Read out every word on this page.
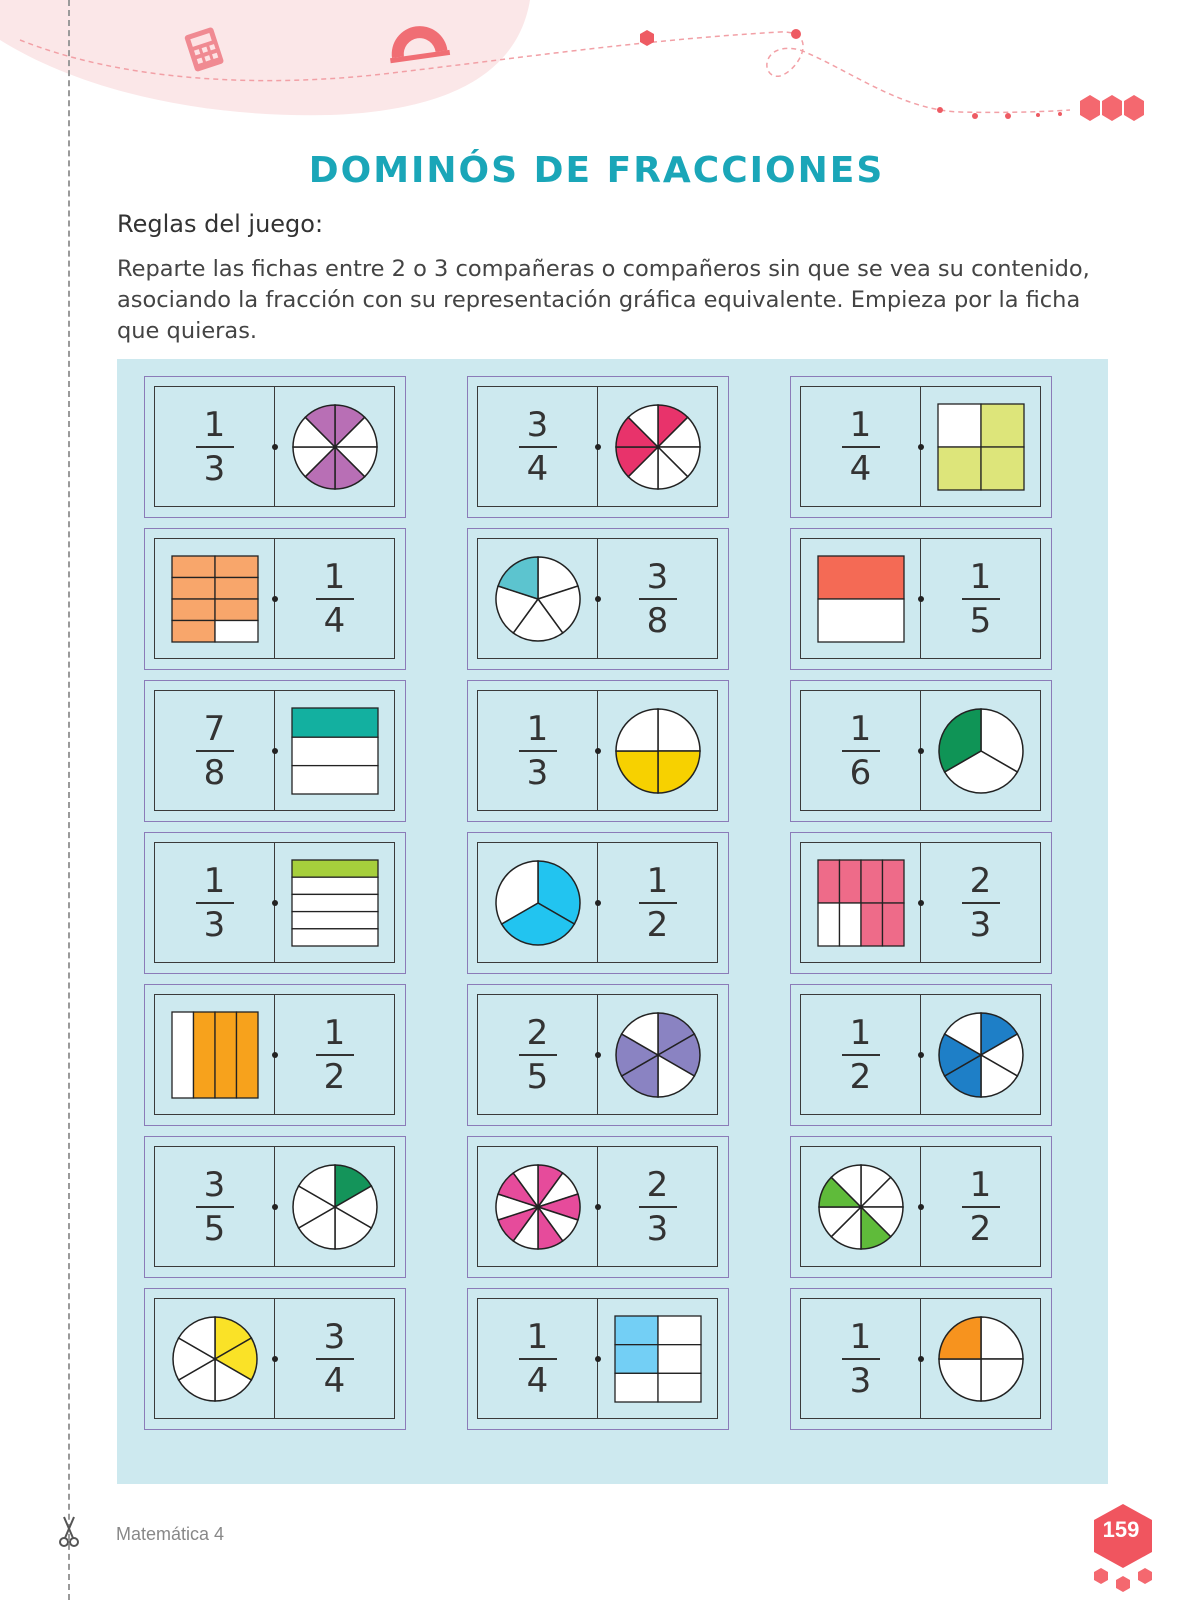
DOMINÓS DE FRACCIONES
Reglas del juego:
Reparte las fichas entre 2 o 3 compañeras o compañeros sin que se vea su contenido, asociando la fracción con su representación gráfica equivalente. Empieza por la ficha que quieras.
$\frac{1}{3}$	$\frac{3}{4}$	$\frac{1}{4}$
$\frac{1}{4}$	$\frac{3}{8}$	$\frac{1}{5}$
$\frac{7}{8}$	$\frac{1}{3}$	$\frac{1}{6}$
$\frac{1}{3}$	$\frac{1}{2}$	$\frac{2}{3}$
$\frac{1}{2}$	$\frac{2}{5}$	$\frac{1}{2}$
$\frac{3}{5}$	$\frac{2}{3}$	$\frac{1}{2}$
$\frac{3}{4}$	$\frac{1}{4}$	$\frac{1}{3}$
Matemática 4	159
